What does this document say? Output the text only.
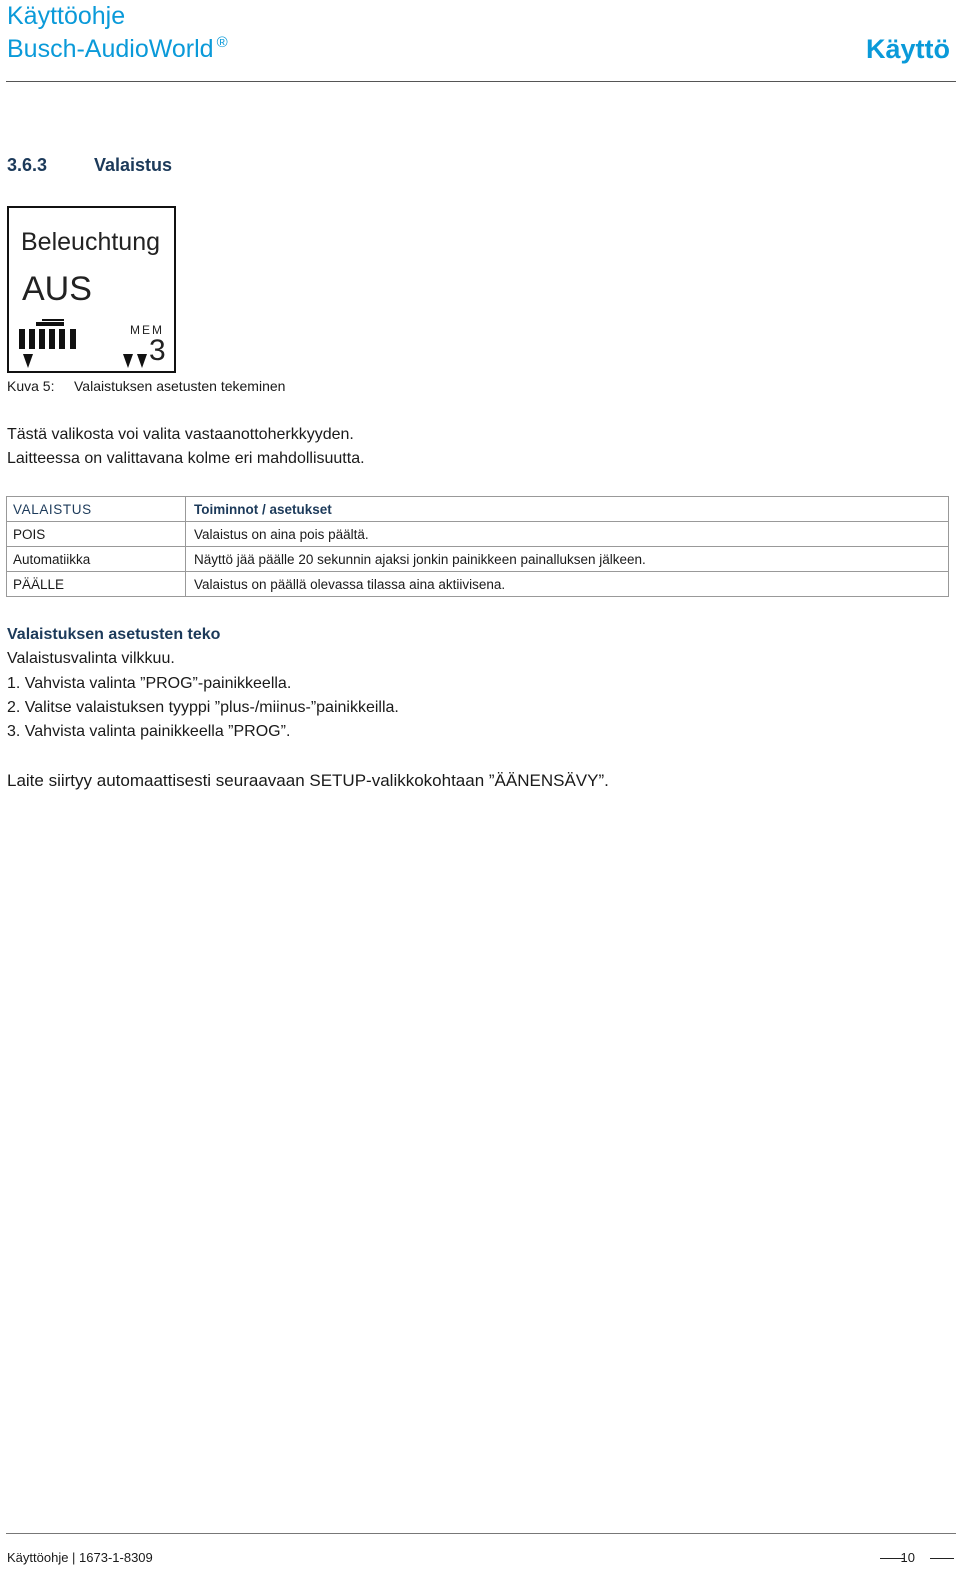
Käyttöohje
Busch-AudioWorld ®	Käyttö
3.6.3	Valaistus
Beleuchtung
AUS
MEM
3
Kuva 5: Valaistuksen asetusten tekeminen
Tästä valikosta voi valita vastaanottoherkkyyden.
Laitteessa on valittavana kolme eri mahdollisuutta.
VALAISTUS	Toiminnot / asetukset
POIS	Valaistus on aina pois päältä.
Automatiikka	Näyttö jää päälle 20 sekunnin ajaksi jonkin painikkeen painalluksen jälkeen.
PÄÄLLE	Valaistus on päällä olevassa tilassa aina aktiivisena.
Valaistuksen asetusten teko
Valaistusvalinta vilkkuu.
1. Vahvista valinta ”PROG”-painikkeella.
2. Valitse valaistuksen tyyppi ”plus-/miinus-”painikkeilla.
3. Vahvista valinta painikkeella ”PROG”.
Laite siirtyy automaattisesti seuraavaan SETUP-valikkokohtaan ”ÄÄNENSÄVY”.
Käyttöohje | 1673-1-8309	10
